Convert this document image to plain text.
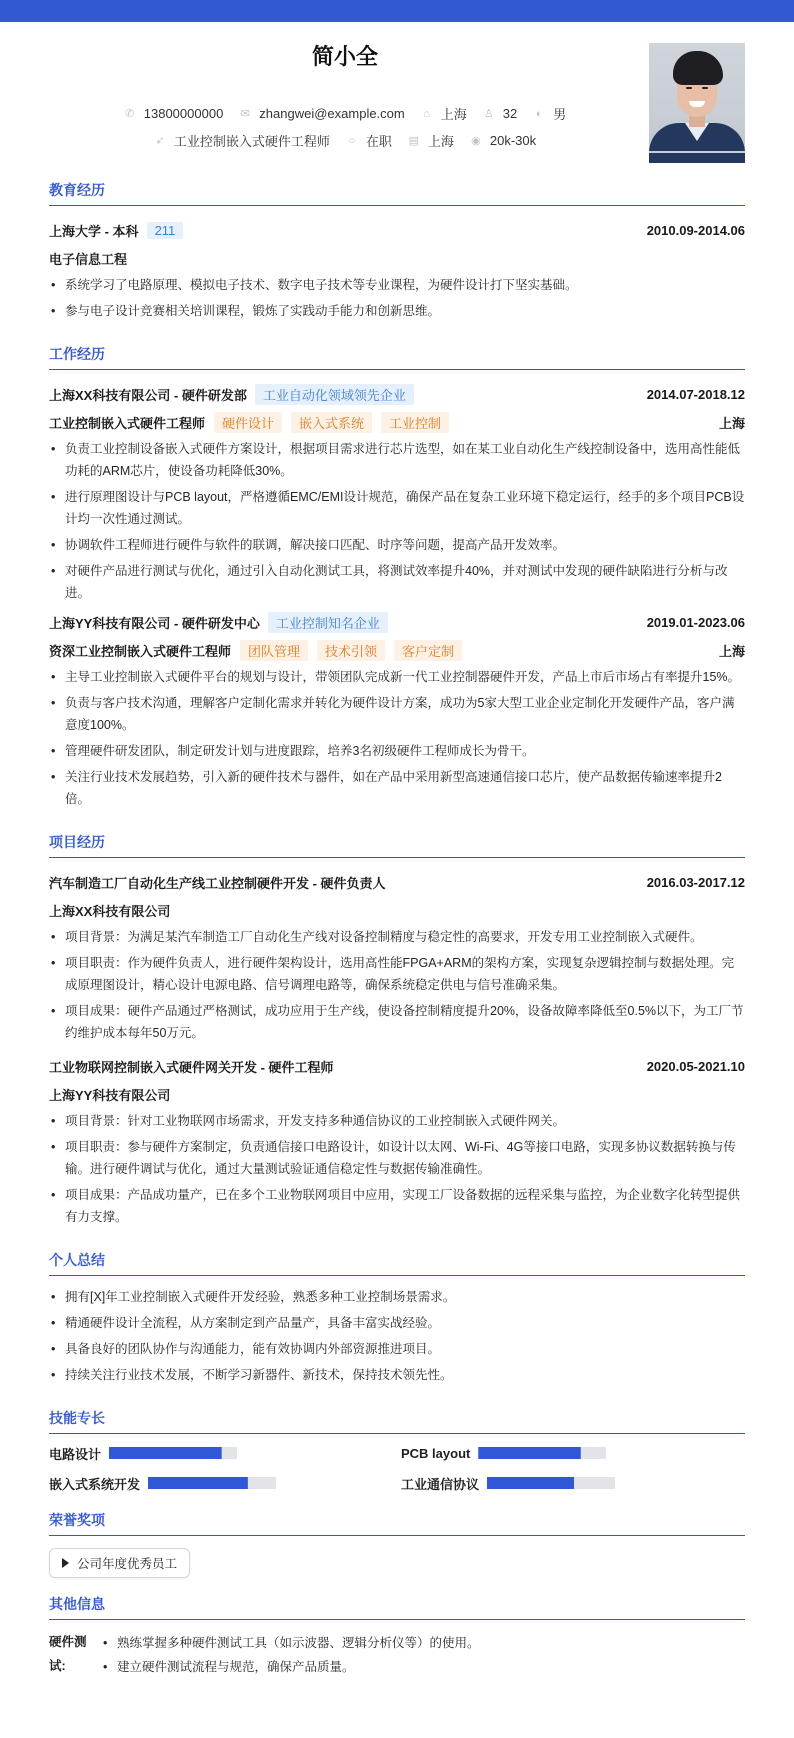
简小全
✆ 13800000000 ✉ zhangwei@example.com ⌂ 上海 ♙ 32 ◐ 男
➶ 工业控制嵌入式硬件工程师 ○ 在职 ▤ 上海 ◉ 20k-30k
教育经历
上海大学 - 本科	211	2010.09-2014.06
电子信息工程
• 系统学习了电路原理、模拟电子技术、数字电子技术等专业课程，为硬件设计打下坚实基础。
• 参与电子设计竞赛相关培训课程，锻炼了实践动手能力和创新思维。
工作经历
上海XX科技有限公司 - 硬件研发部	工业自动化领域领先企业	2014.07-2018.12
工业控制嵌入式硬件工程师	硬件设计	嵌入式系统	工业控制	上海
• 负责工业控制设备嵌入式硬件方案设计，根据项目需求进行芯片选型，如在某工业自动化生产线控制设备中，选用高性能低功耗的ARM芯片，使设备功耗降低30%。
• 进行原理图设计与PCB layout，严格遵循EMC/EMI设计规范，确保产品在复杂工业环境下稳定运行，经手的多个项目PCB设计均一次性通过测试。
• 协调软件工程师进行硬件与软件的联调，解决接口匹配、时序等问题，提高产品开发效率。
• 对硬件产品进行测试与优化，通过引入自动化测试工具，将测试效率提升40%，并对测试中发现的硬件缺陷进行分析与改进。
上海YY科技有限公司 - 硬件研发中心	工业控制知名企业	2019.01-2023.06
资深工业控制嵌入式硬件工程师	团队管理	技术引领	客户定制	上海
• 主导工业控制嵌入式硬件平台的规划与设计，带领团队完成新一代工业控制器硬件开发，产品上市后市场占有率提升15%。
• 负责与客户技术沟通，理解客户定制化需求并转化为硬件设计方案，成功为5家大型工业企业定制化开发硬件产品，客户满意度100%。
• 管理硬件研发团队，制定研发计划与进度跟踪，培养3名初级硬件工程师成长为骨干。
• 关注行业技术发展趋势，引入新的硬件技术与器件，如在产品中采用新型高速通信接口芯片，使产品数据传输速率提升2倍。
项目经历
汽车制造工厂自动化生产线工业控制硬件开发 - 硬件负责人	2016.03-2017.12
上海XX科技有限公司
• 项目背景：为满足某汽车制造工厂自动化生产线对设备控制精度与稳定性的高要求，开发专用工业控制嵌入式硬件。
• 项目职责：作为硬件负责人，进行硬件架构设计，选用高性能FPGA+ARM的架构方案，实现复杂逻辑控制与数据处理。完成原理图设计，精心设计电源电路、信号调理电路等，确保系统稳定供电与信号准确采集。
• 项目成果：硬件产品通过严格测试，成功应用于生产线，使设备控制精度提升20%，设备故障率降低至0.5%以下，为工厂节约维护成本每年50万元。
工业物联网控制嵌入式硬件网关开发 - 硬件工程师	2020.05-2021.10
上海YY科技有限公司
• 项目背景：针对工业物联网市场需求，开发支持多种通信协议的工业控制嵌入式硬件网关。
• 项目职责：参与硬件方案制定，负责通信接口电路设计，如设计以太网、Wi-Fi、4G等接口电路，实现多协议数据转换与传输。进行硬件调试与优化，通过大量测试验证通信稳定性与数据传输准确性。
• 项目成果：产品成功量产，已在多个工业物联网项目中应用，实现工厂设备数据的远程采集与监控，为企业数字化转型提供有力支撑。
个人总结
• 拥有[X]年工业控制嵌入式硬件开发经验，熟悉多种工业控制场景需求。
• 精通硬件设计全流程，从方案制定到产品量产，具备丰富实战经验。
• 具备良好的团队协作与沟通能力，能有效协调内外部资源推进项目。
• 持续关注行业技术发展，不断学习新器件、新技术，保持技术领先性。
技能专长
电路设计	PCB layout
嵌入式系统开发	工业通信协议
荣誉奖项
公司年度优秀员工
其他信息
硬件测试:
• 熟练掌握多种硬件测试工具（如示波器、逻辑分析仪等）的使用。
• 建立硬件测试流程与规范，确保产品质量。
